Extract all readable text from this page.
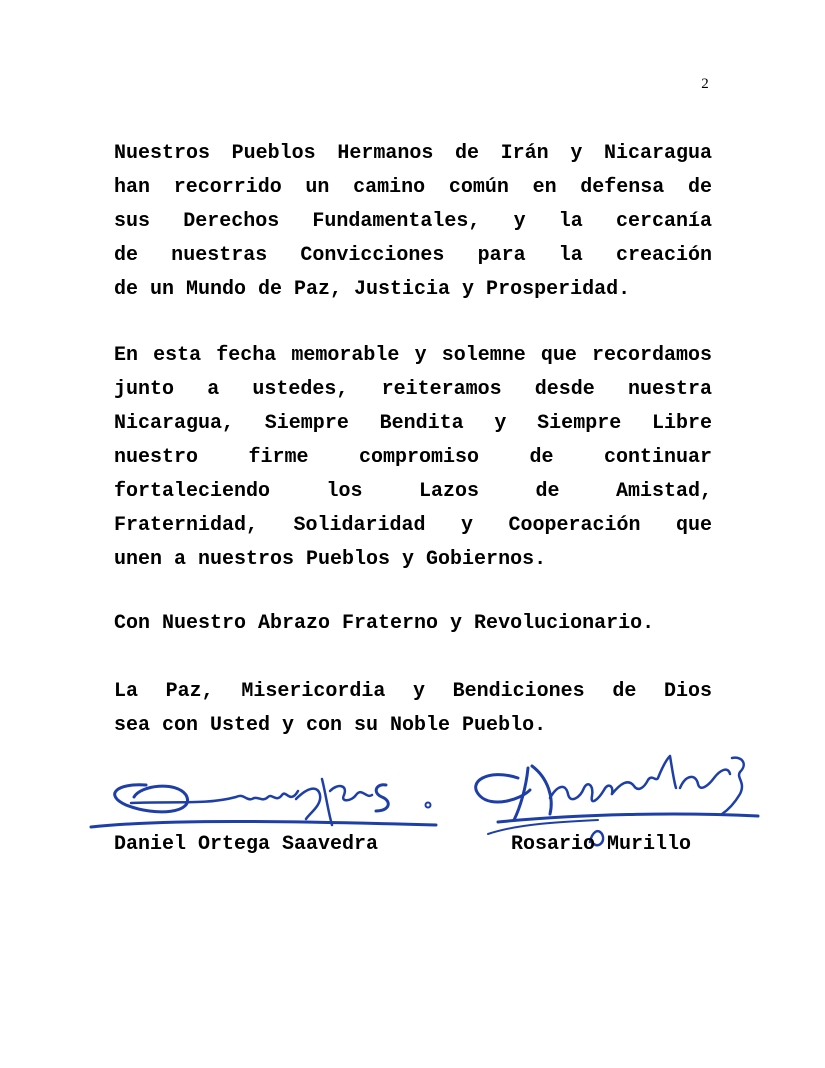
2
Nuestros Pueblos Hermanos de Irán y Nicaragua
han recorrido un camino común en defensa de
sus Derechos Fundamentales, y la cercanía
de nuestras Convicciones para la creación
de un Mundo de Paz, Justicia y Prosperidad.
En esta fecha memorable y solemne que recordamos
junto a ustedes, reiteramos desde nuestra
Nicaragua, Siempre Bendita y Siempre Libre
nuestro firme compromiso de continuar
fortaleciendo los Lazos de Amistad,
Fraternidad, Solidaridad y Cooperación que
unen a nuestros Pueblos y Gobiernos.
Con Nuestro Abrazo Fraterno y Revolucionario.
La Paz, Misericordia y Bendiciones de Dios
sea con Usted y con su Noble Pueblo.
Daniel Ortega Saavedra	Rosario Murillo
